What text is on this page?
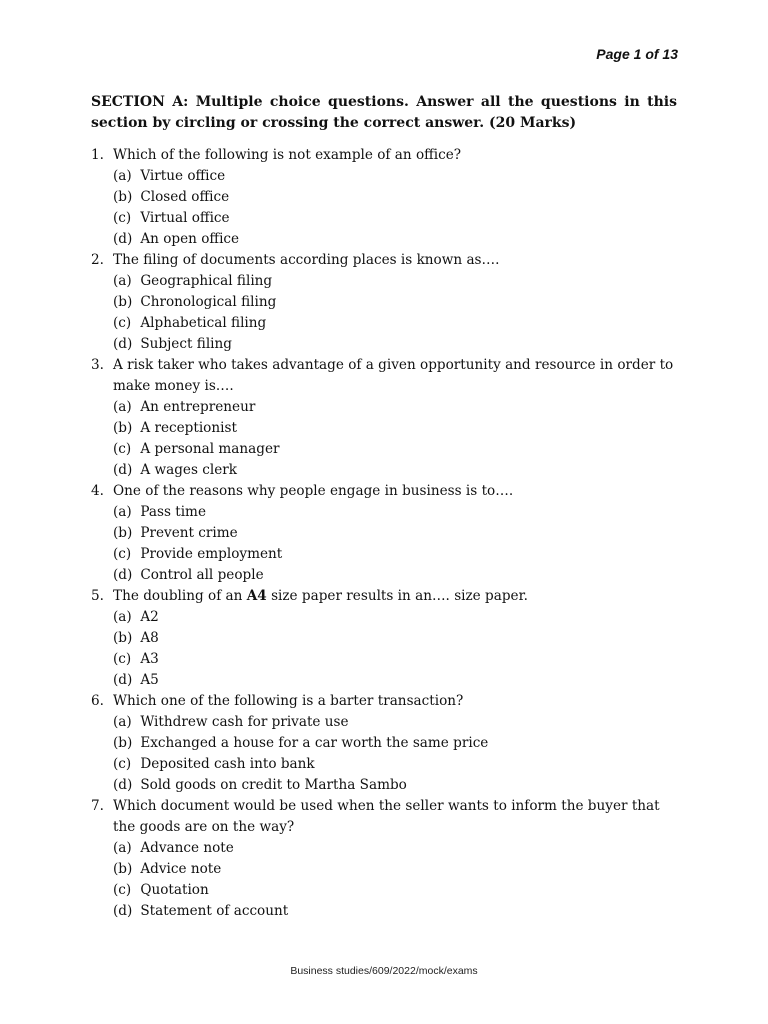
Page 1 of 13
SECTION A: Multiple choice questions. Answer all the questions in this section by circling or crossing the correct answer. (20 Marks)
1. Which of the following is not example of an office?
(a) Virtue office
(b) Closed office
(c) Virtual office
(d) An open office
2. The filing of documents according places is known as….
(a) Geographical filing
(b) Chronological filing
(c) Alphabetical filing
(d) Subject filing
3. A risk taker who takes advantage of a given opportunity and resource in order to make money is….
(a) An entrepreneur
(b) A receptionist
(c) A personal manager
(d) A wages clerk
4. One of the reasons why people engage in business is to….
(a) Pass time
(b) Prevent crime
(c) Provide employment
(d) Control all people
5. The doubling of an A4 size paper results in an…. size paper.
(a) A2
(b) A8
(c) A3
(d) A5
6. Which one of the following is a barter transaction?
(a) Withdrew cash for private use
(b) Exchanged a house for a car worth the same price
(c) Deposited cash into bank
(d) Sold goods on credit to Martha Sambo
7. Which document would be used when the seller wants to inform the buyer that the goods are on the way?
(a) Advance note
(b) Advice note
(c) Quotation
(d) Statement of account
Business studies/609/2022/mock/exams
